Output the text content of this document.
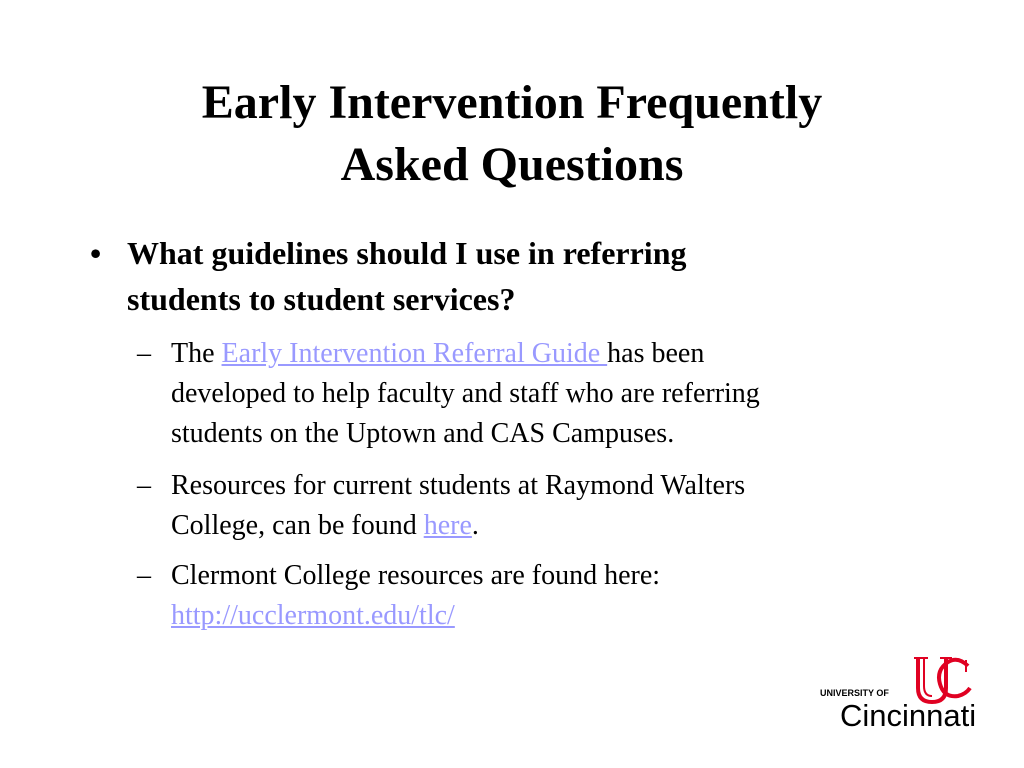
Early Intervention Frequently
Asked Questions
• What guidelines should I use in referring
students to student services?
– The Early Intervention Referral Guide has been
developed to help faculty and staff who are referring
students on the Uptown and CAS Campuses.
– Resources for current students at Raymond Walters
College, can be found here.
– Clermont College resources are found here:
http://ucclermont.edu/tlc/
UNIVERSITY OF
Cincinnati
